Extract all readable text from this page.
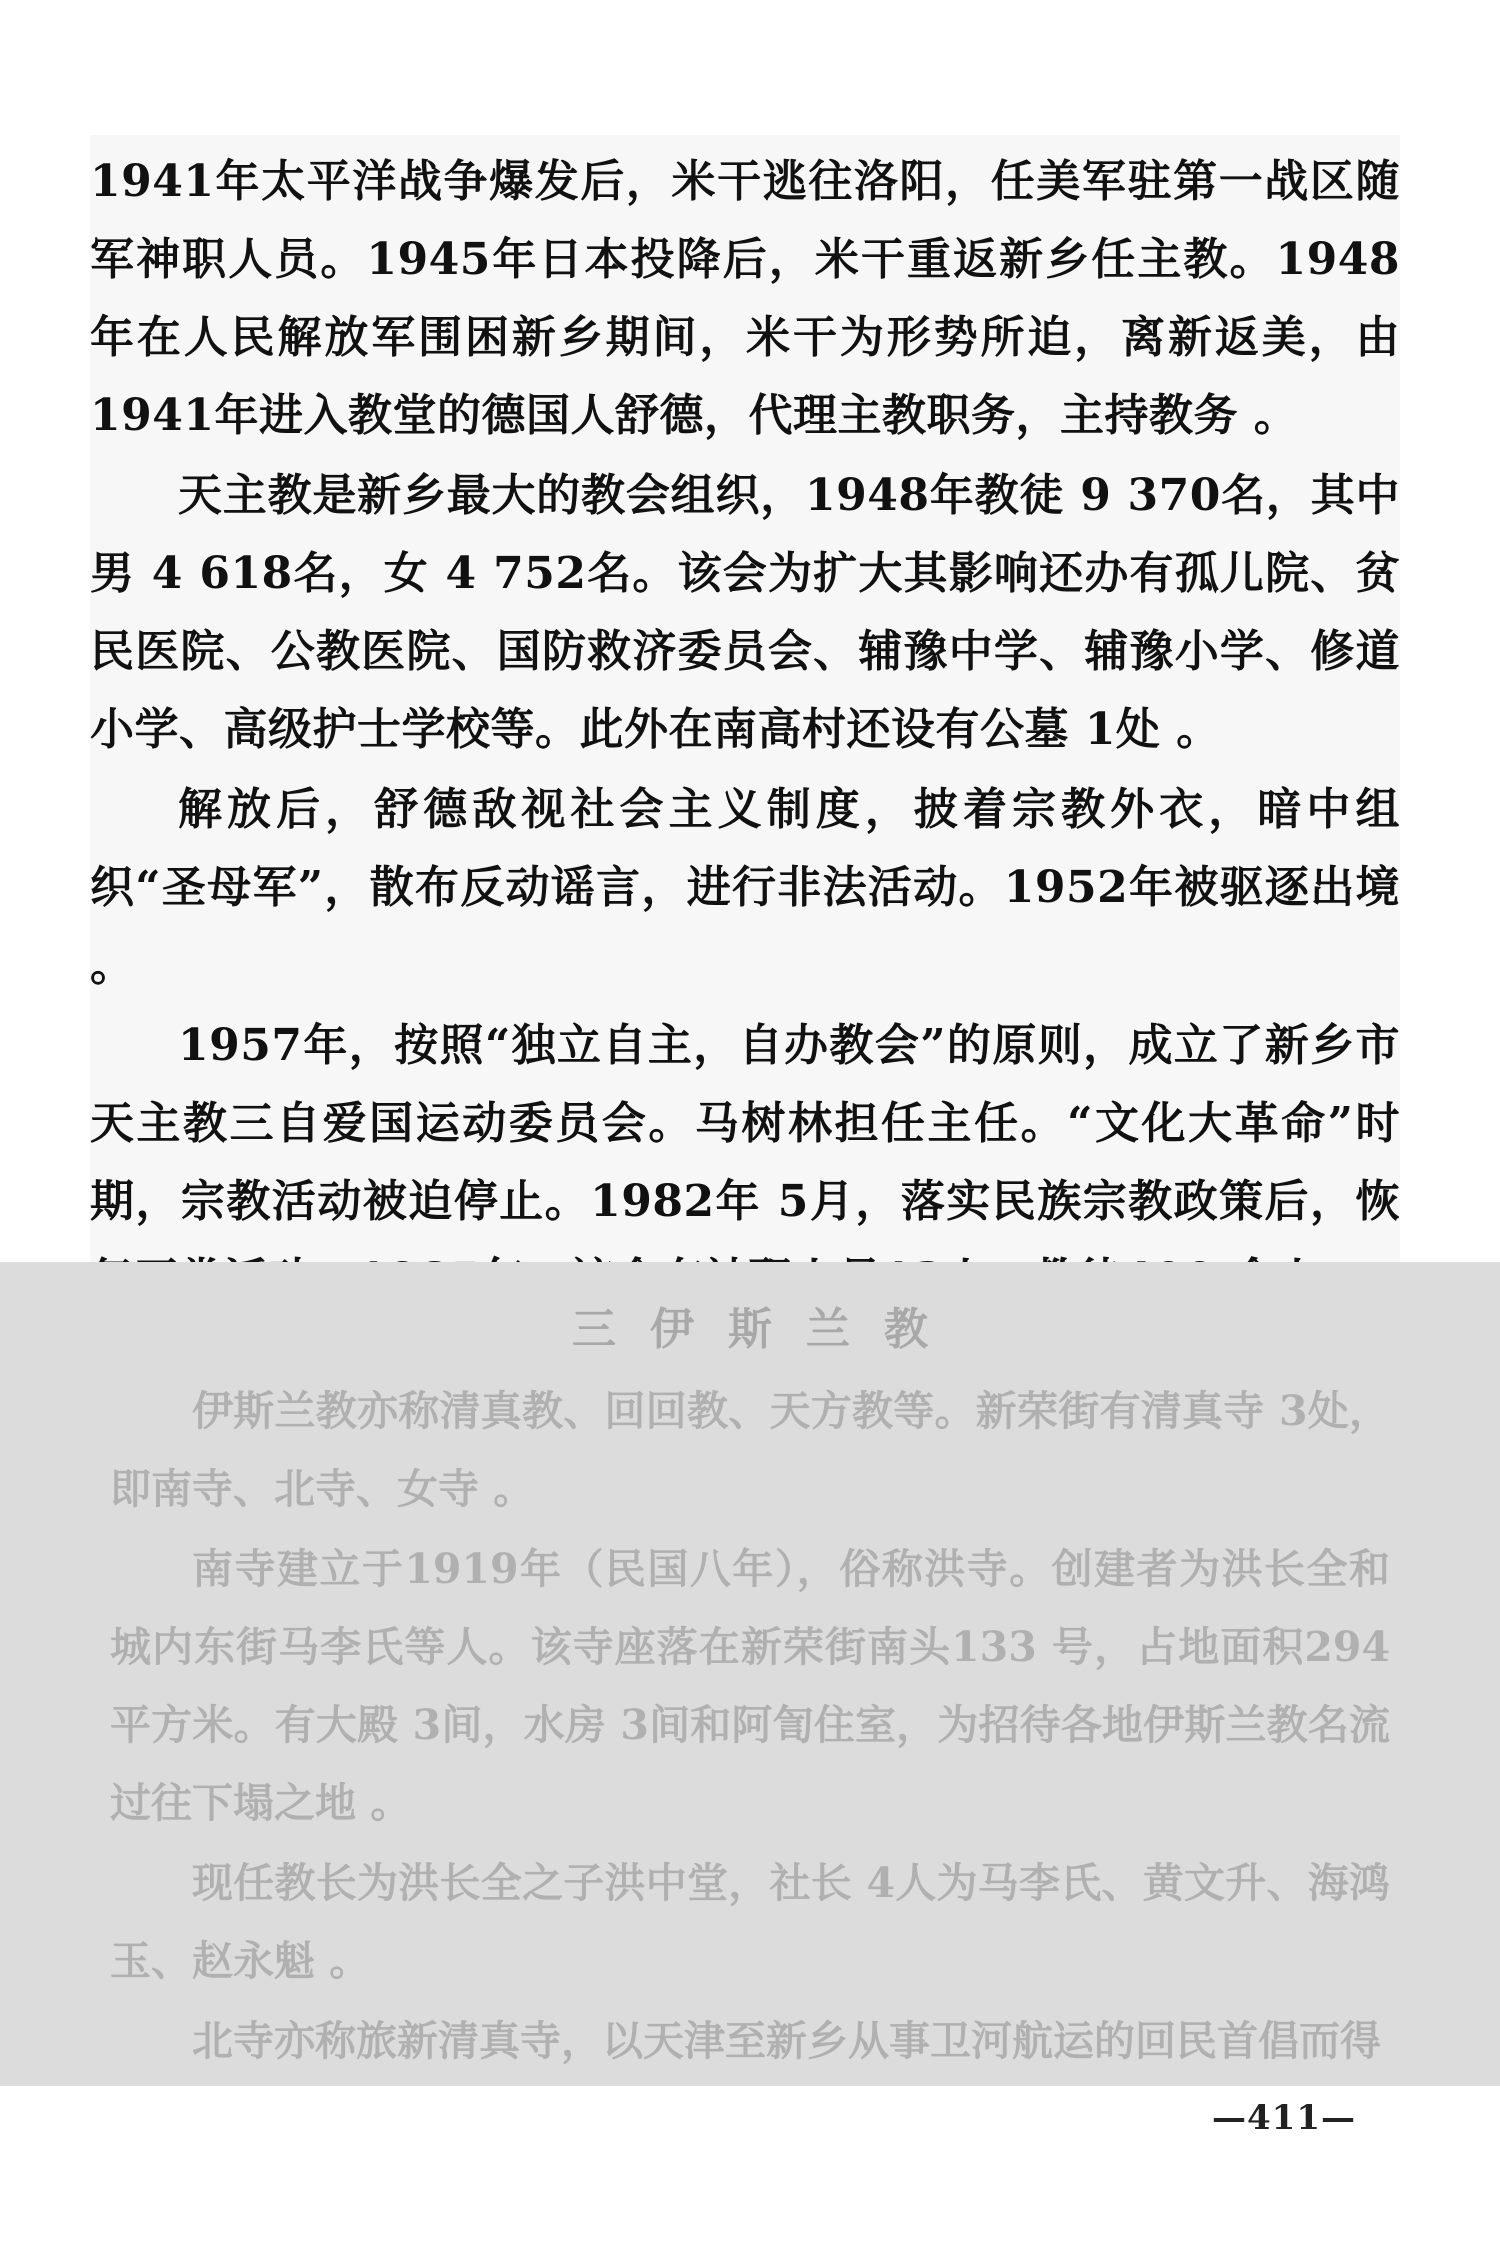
1941年太平洋战争爆发后，米干逃往洛阳，任美军驻第一战区随军神职人员。1945年日本投降后，米干重返新乡任主教。1948年在人民解放军围困新乡期间，米干为形势所迫，离新返美，由1941年进入教堂的德国人舒德，代理主教职务，主持教务 。

天主教是新乡最大的教会组织，1948年教徒 9 370名，其中男 4 618名，女 4 752名。该会为扩大其影响还办有孤儿院、贫民医院、公教医院、国防救济委员会、辅豫中学、辅豫小学、修道小学、高级护士学校等。此外在南高村还设有公墓 1处 。

解放后，舒德敌视社会主义制度，披着宗教外衣，暗中组织“圣母军”，散布反动谣言，进行非法活动。1952年被驱逐出境 。

1957年，按照“独立自主，自办教会”的原则，成立了新乡市天主教三自爱国运动委员会。马树林担任主任。“文化大革命”时期，宗教活动被迫停止。1982年 5月，落实民族宗教政策后，恢

三伊斯兰教

伊斯兰教亦称清真教、回回教、天方教等。新荣街有清真寺 3处，即南寺、北寺、女寺 。

南寺建立于1919年（民国八年），俗称洪寺。创建者为洪长全和城内东街马李氏等人。该寺座落在新荣街南头133 号，占地面积294 平方米。有大殿 3间，水房 3间和阿訇住室，为招待各地伊斯兰教名流过往下塌之地 。

现任教长为洪长全之子洪中堂，社长 4人为马李氏、黄文升、海鸿玉、赵永魁 。

北寺亦称旅新清真寺，以天津至新乡从事卫河航运的回民首倡而得

—411—
